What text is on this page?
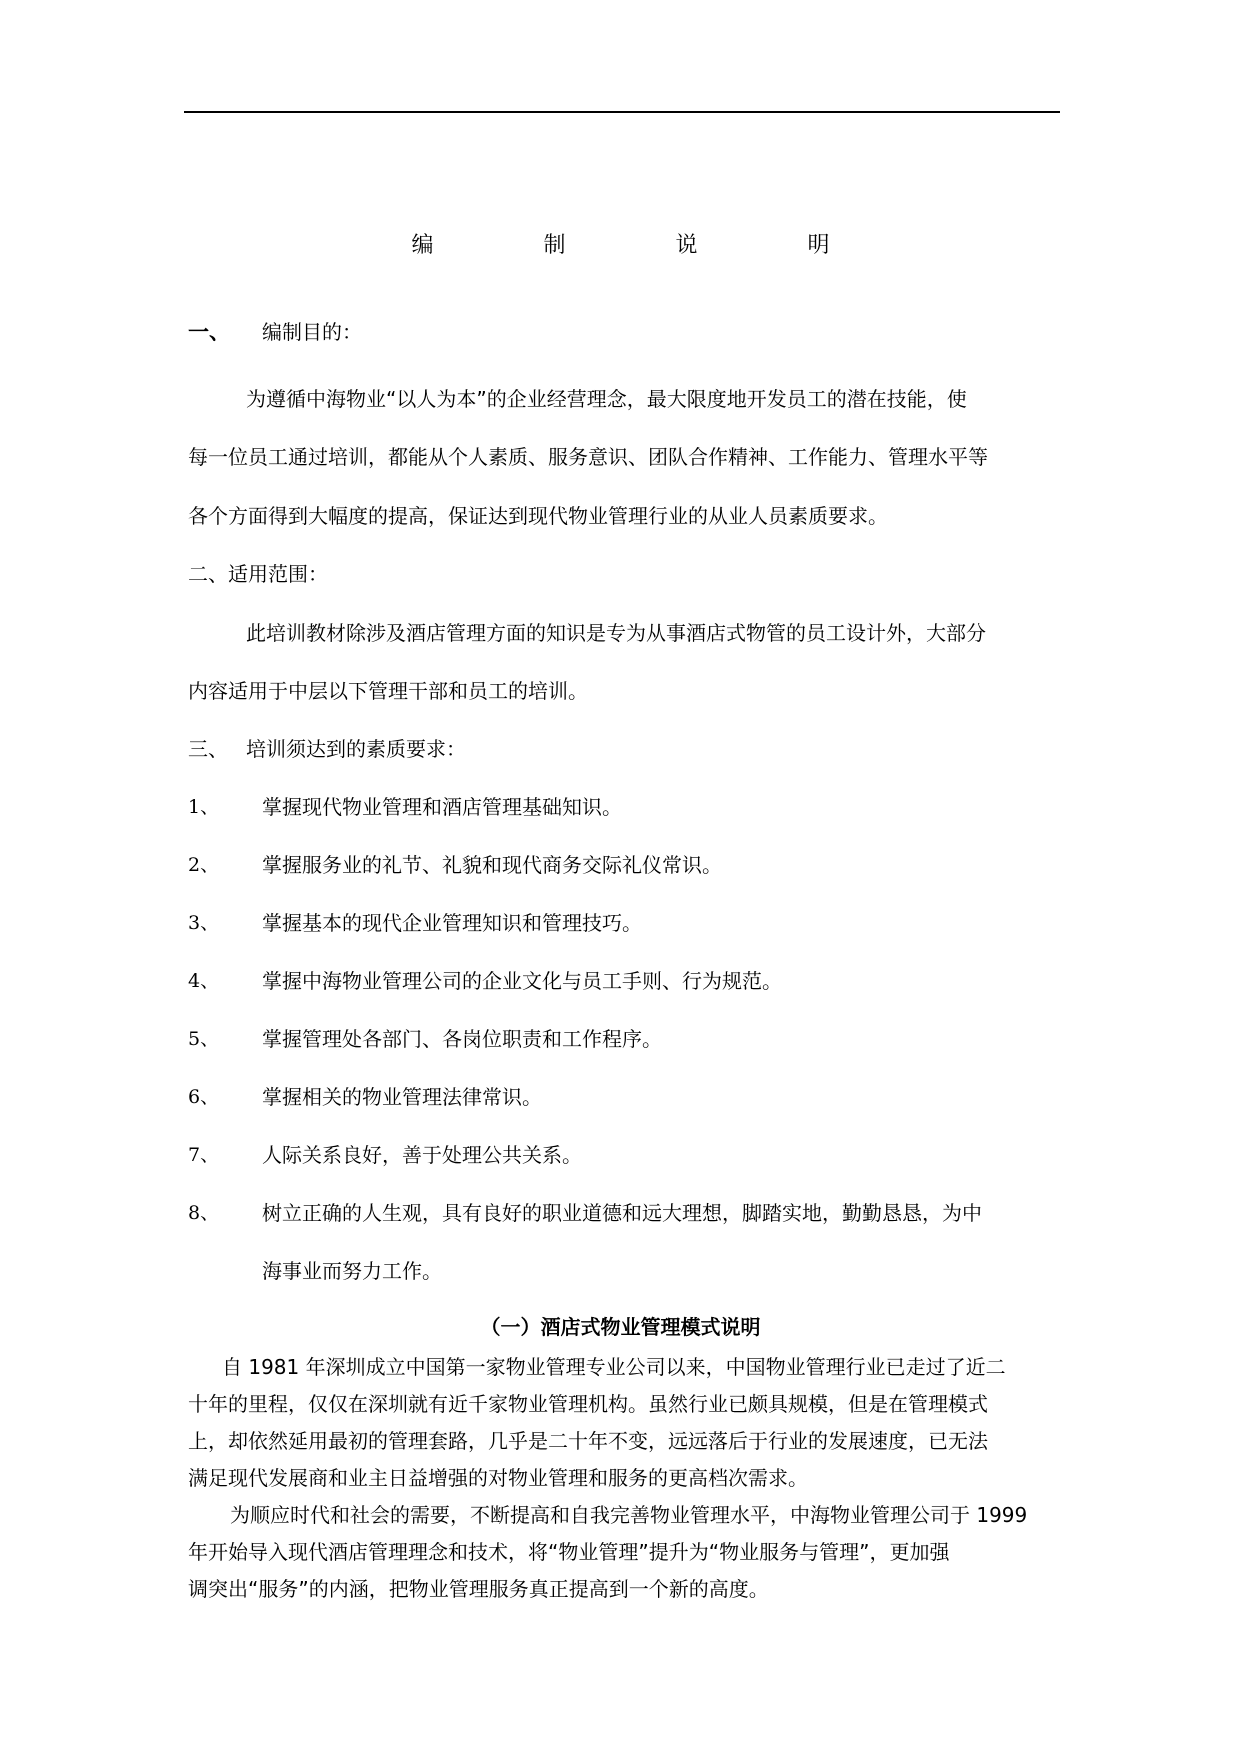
编　制　说　明
一、 编制目的：
为遵循中海物业“以人为本”的企业经营理念，最大限度地开发员工的潜在技能，使
每一位员工通过培训，都能从个人素质、服务意识、团队合作精神、工作能力、管理水平等
各个方面得到大幅度的提高，保证达到现代物业管理行业的从业人员素质要求。
二、适用范围：
此培训教材除涉及酒店管理方面的知识是专为从事酒店式物管的员工设计外，大部分
内容适用于中层以下管理干部和员工的培训。
三、 培训须达到的素质要求：
1、 掌握现代物业管理和酒店管理基础知识。
2、 掌握服务业的礼节、礼貌和现代商务交际礼仪常识。
3、 掌握基本的现代企业管理知识和管理技巧。
4、 掌握中海物业管理公司的企业文化与员工手则、行为规范。
5、 掌握管理处各部门、各岗位职责和工作程序。
6、 掌握相关的物业管理法律常识。
7、 人际关系良好，善于处理公共关系。
8、 树立正确的人生观，具有良好的职业道德和远大理想，脚踏实地，勤勤恳恳，为中
海事业而努力工作。
（一）酒店式物业管理模式说明
自 1981 年深圳成立中国第一家物业管理专业公司以来，中国物业管理行业已走过了近二
十年的里程，仅仅在深圳就有近千家物业管理机构。虽然行业已颇具规模，但是在管理模式
上，却依然延用最初的管理套路，几乎是二十年不变，远远落后于行业的发展速度，已无法
满足现代发展商和业主日益增强的对物业管理和服务的更高档次需求。
为顺应时代和社会的需要，不断提高和自我完善物业管理水平，中海物业管理公司于 1999
年开始导入现代酒店管理理念和技术，将“物业管理”提升为“物业服务与管理”，更加强
调突出“服务”的内涵，把物业管理服务真正提高到一个新的高度。
